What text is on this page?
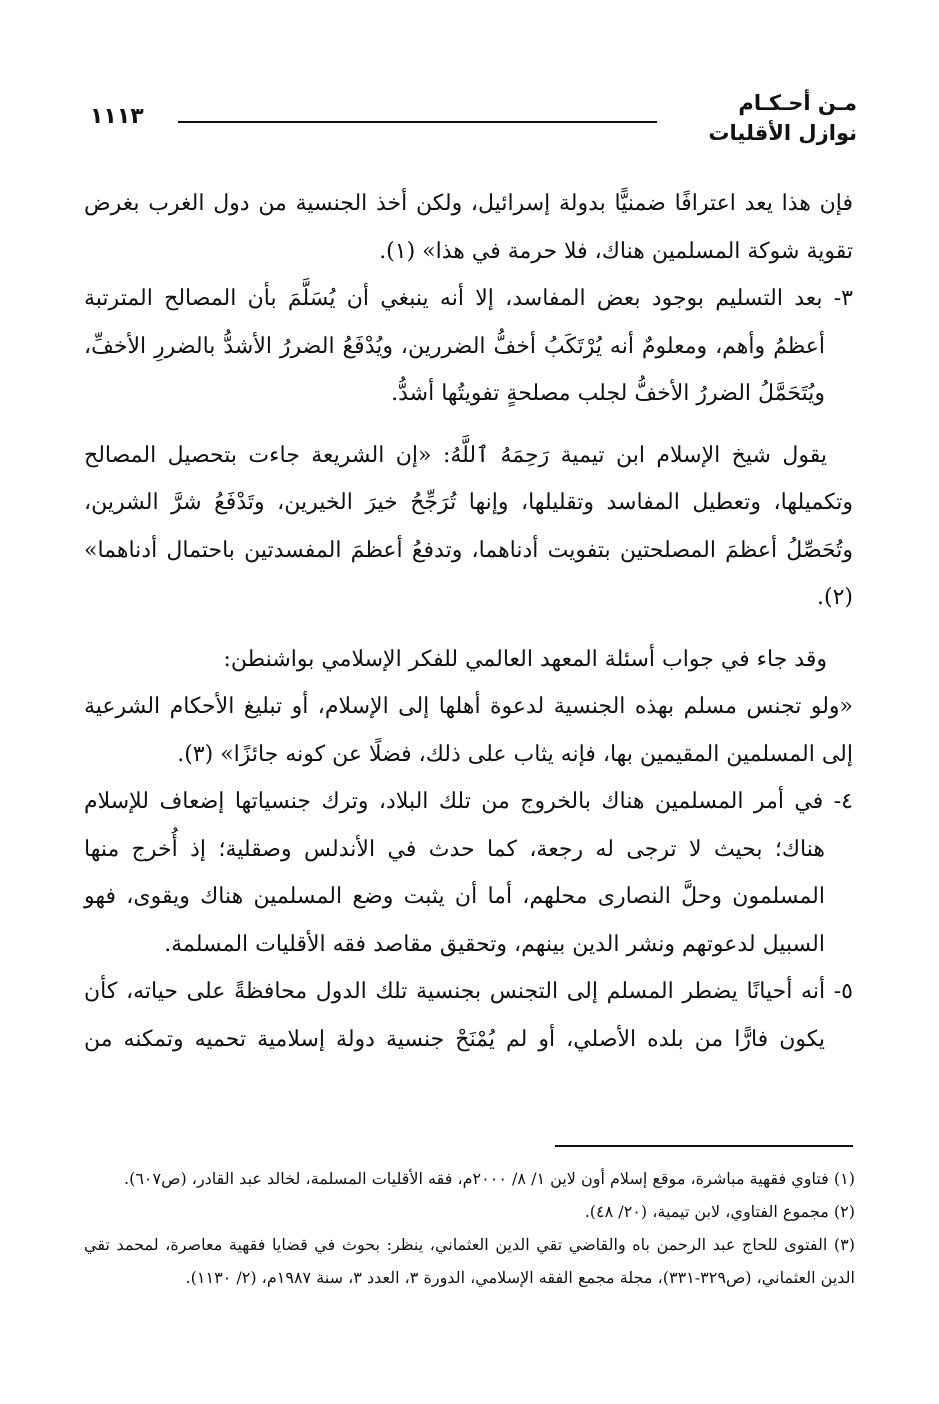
مـن أحـكـام
نوازل الأقليات
١١١٣

فإن هذا يعد اعترافًا ضمنيًّا بدولة إسرائيل، ولكن أخذ الجنسية من دول الغرب بغرض تقوية شوكة المسلمين هناك، فلا حرمة في هذا» (١).

٣- بعد التسليم بوجود بعض المفاسد، إلا أنه ينبغي أن يُسَلَّمَ بأن المصالح المترتبة أعظمُ وأهم، ومعلومٌ أنه يُرْتَكَبُ أخفُّ الضررين، ويُدْفَعُ الضررُ الأشدُّ بالضررِ الأخفِّ، ويُتَحَمَّلُ الضررُ الأخفُّ لجلب مصلحةٍ تفويتُها أشدُّ.

يقول شيخ الإسلام ابن تيمية رَحِمَهُ ٱللَّهُ: «إن الشريعة جاءت بتحصيل المصالح وتكميلها، وتعطيل المفاسد وتقليلها، وإنها تُرَجِّحُ خيرَ الخيرين، وتَدْفَعُ شرَّ الشرين، وتُحَصِّلُ أعظمَ المصلحتين بتفويت أدناهما، وتدفعُ أعظمَ المفسدتين باحتمال أدناهما» (٢).

وقد جاء في جواب أسئلة المعهد العالمي للفكر الإسلامي بواشنطن:

«ولو تجنس مسلم بهذه الجنسية لدعوة أهلها إلى الإسلام، أو تبليغ الأحكام الشرعية إلى المسلمين المقيمين بها، فإنه يثاب على ذلك، فضلًا عن كونه جائزًا» (٣).

٤- في أمر المسلمين هناك بالخروج من تلك البلاد، وترك جنسياتها إضعاف للإسلام هناك؛ بحيث لا ترجى له رجعة، كما حدث في الأندلس وصقلية؛ إذ أُخرج منها المسلمون وحلَّ النصارى محلهم، أما أن يثبت وضع المسلمين هناك ويقوى، فهو السبيل لدعوتهم ونشر الدين بينهم، وتحقيق مقاصد فقه الأقليات المسلمة.

٥- أنه أحيانًا يضطر المسلم إلى التجنس بجنسية تلك الدول محافظةً على حياته، كأن يكون فارًّا من بلده الأصلي، أو لم يُمْنَحْ جنسية دولة إسلامية تحميه وتمكنه من

(١) فتاوي فقهية مباشرة، موقع إسلام أون لاين ١/ ٨/ ٢٠٠٠م، فقه الأقليات المسلمة، لخالد عبد القادر، (ص٦٠٧).

(٢) مجموع الفتاوي، لابن تيمية، (٢٠/ ٤٨).

(٣) الفتوى للحاج عبد الرحمن باه والقاضي تقي الدين العثماني، ينظر: بحوث في قضايا فقهية معاصرة، لمحمد تقي الدين العثماني، (ص٣٢٩-٣٣١)، مجلة مجمع الفقه الإسلامي، الدورة ٣، العدد ٣، سنة ١٩٨٧م، (٢/ ١١٣٠).
